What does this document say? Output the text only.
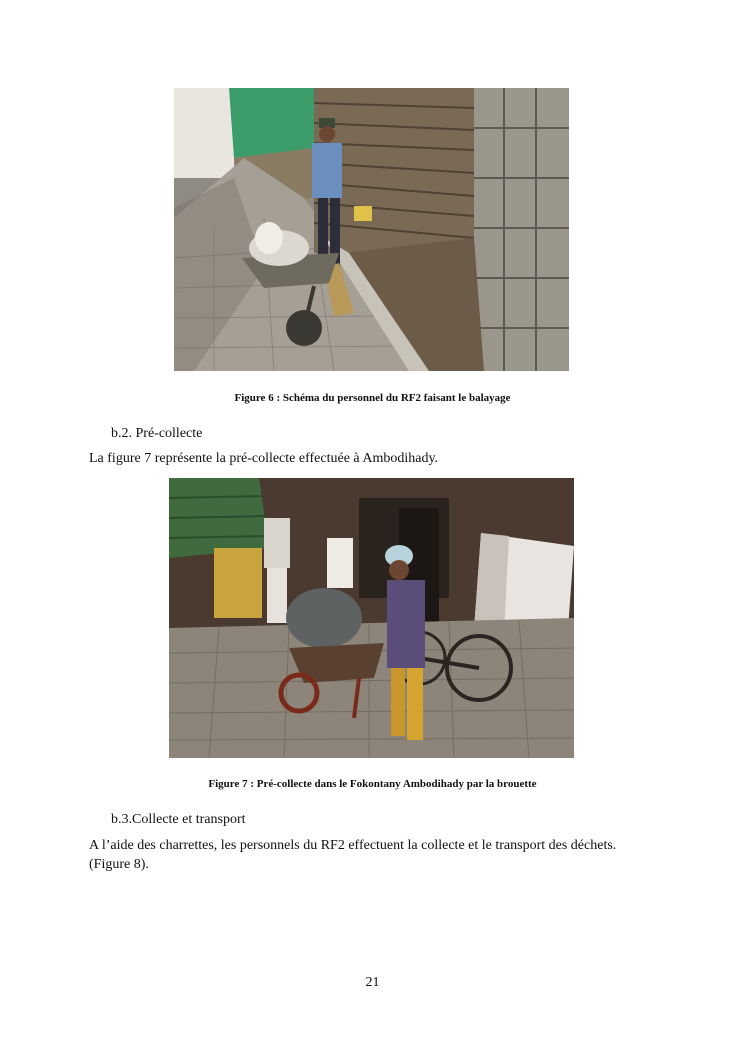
Figure 6 : Schéma du personnel du RF2 faisant le balayage
b.2. Pré-collecte
La figure 7 représente la pré-collecte effectuée à Ambodihady.
Figure 7 : Pré-collecte dans le Fokontany Ambodihady par la brouette
b.3.Collecte et transport
A l’aide des charrettes, les personnels du RF2 effectuent la collecte et le transport des déchets.
(Figure 8).
21
